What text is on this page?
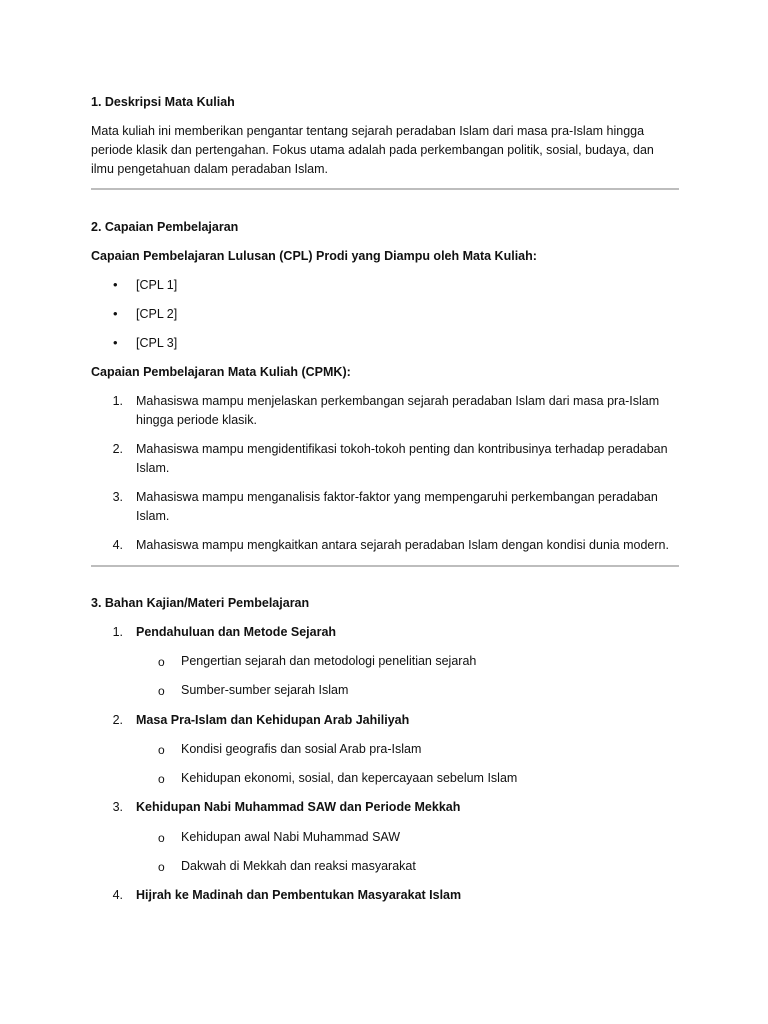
1. Deskripsi Mata Kuliah
Mata kuliah ini memberikan pengantar tentang sejarah peradaban Islam dari masa pra-Islam hingga
periode klasik dan pertengahan. Fokus utama adalah pada perkembangan politik, sosial, budaya, dan
ilmu pengetahuan dalam peradaban Islam.
2. Capaian Pembelajaran
Capaian Pembelajaran Lulusan (CPL) Prodi yang Diampu oleh Mata Kuliah:
• [CPL 1]
• [CPL 2]
• [CPL 3]
Capaian Pembelajaran Mata Kuliah (CPMK):
1. Mahasiswa mampu menjelaskan perkembangan sejarah peradaban Islam dari masa pra-Islam
hingga periode klasik.
2. Mahasiswa mampu mengidentifikasi tokoh-tokoh penting dan kontribusinya terhadap peradaban
Islam.
3. Mahasiswa mampu menganalisis faktor-faktor yang mempengaruhi perkembangan peradaban
Islam.
4. Mahasiswa mampu mengkaitkan antara sejarah peradaban Islam dengan kondisi dunia modern.
3. Bahan Kajian/Materi Pembelajaran
1. Pendahuluan dan Metode Sejarah
o Pengertian sejarah dan metodologi penelitian sejarah
o Sumber-sumber sejarah Islam
2. Masa Pra-Islam dan Kehidupan Arab Jahiliyah
o Kondisi geografis dan sosial Arab pra-Islam
o Kehidupan ekonomi, sosial, dan kepercayaan sebelum Islam
3. Kehidupan Nabi Muhammad SAW dan Periode Mekkah
o Kehidupan awal Nabi Muhammad SAW
o Dakwah di Mekkah dan reaksi masyarakat
4. Hijrah ke Madinah dan Pembentukan Masyarakat Islam
